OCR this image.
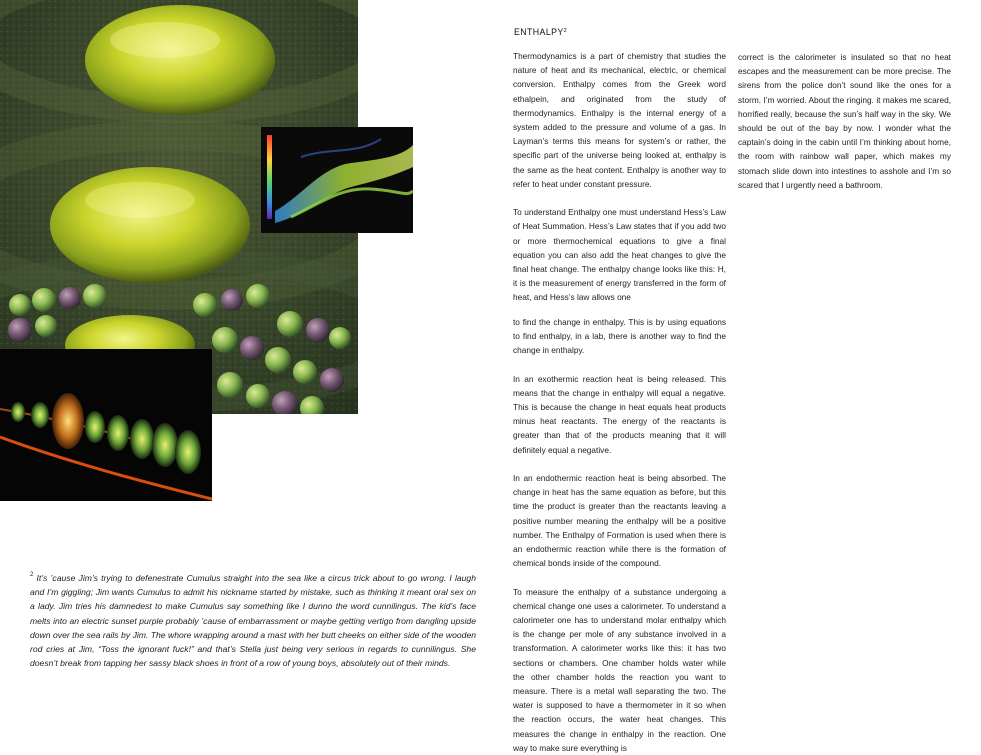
$^2$ It’s ’cause Jim’s trying to defenestrate Cumulus straight into the sea like a circus trick about to go wrong. I laugh and I’m giggling; Jim wants Cumulus to admit his nickname started by mistake, such as thinking it meant oral sex on a lady. Jim tries his damnedest to make Cumulus say something like I dunno the word cunnilingus. The kid’s face melts into an electric sunset purple probably ’cause of embarrassment or maybe getting vertigo from dangling upside down over the sea rails by Jim. The whore wrapping around a mast with her butt cheeks on either side of the wooden rod cries at Jim, “Toss the ignorant fuck!” and that’s Stella just being very serious in regards to cunnilingus. She doesn’t break from tapping her sassy black shoes in front of a row of young boys, absolutely out of their minds.

ENTHALPY$^2$

Thermodynamics is a part of chemistry that studies the nature of heat and its mechanical, electric, or chemical conversion. Enthalpy comes from the Greek word ethalpein, and originated from the study of thermodynamics. Enthalpy is the internal energy of a system added to the pressure and volume of a gas. In Layman’s terms this means for system’s or rather, the specific part of the universe being looked at, enthalpy is the same as the heat content. Enthalpy is another way to refer to heat under constant pressure.

To understand Enthalpy one must understand Hess’s Law of Heat Summation. Hess’s Law states that if you add two or more thermochemical equations to give a final equation you can also add the heat changes to give the final heat change. The enthalpy change looks like this: H, it is the measurement of energy transferred in the form of heat, and Hess’s law allows one

to find the change in enthalpy. This is by using equations to find enthalpy, in a lab, there is another way to find the change in enthalpy.

In an exothermic reaction heat is being released. This means that the change in enthalpy will equal a negative. This is because the change in heat equals heat products minus heat reactants. The energy of the reactants is greater than that of the products meaning that it will definitely equal a negative.

In an endothermic reaction heat is being absorbed. The change in heat has the same equation as before, but this time the product is greater than the reactants leaving a positive number meaning the enthalpy will be a positive number. The Enthalpy of Formation is used when there is an endothermic reaction while there is the formation of chemical bonds inside of the compound.

To measure the enthalpy of a substance undergoing a chemical change one uses a calorimeter. To understand a calorimeter one has to understand molar enthalpy which is the change per mole of any substance involved in a transformation. A calorimeter works like this: it has two sections or chambers. One chamber holds water while the other chamber holds the reaction you want to measure. There is a metal wall separating the two. The water is supposed to have a thermometer in it so when the reaction occurs, the water heat changes. This measures the change in enthalpy in the reaction. One way to make sure everything is

correct is the calorimeter is insulated so that no heat escapes and the measurement can be more precise. The sirens from the police don’t sound like the ones for a storm. I’m worried. About the ringing. it makes me scared, horrified really, because the sun’s half way in the sky. We should be out of the bay by now. I wonder what the captain’s doing in the cabin until I’m thinking about home, the room with rainbow wall paper, which makes my stomach slide down into intestines to asshole and I’m so scared that I urgently need a bathroom.
